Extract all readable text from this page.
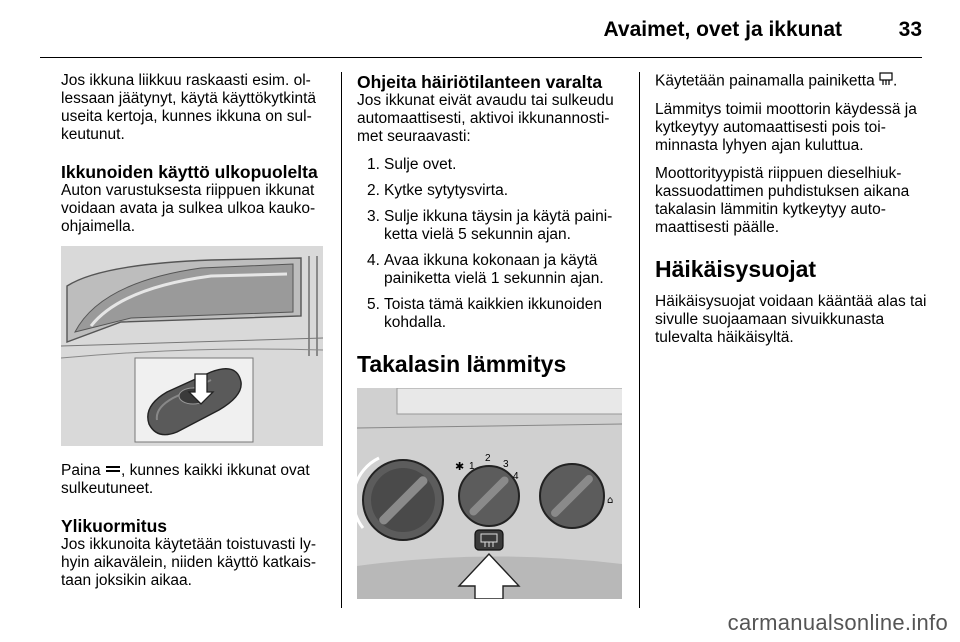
Avaimet, ovet ja ikkunat	33

Jos ikkuna liikkuu raskaasti esim. ollessaan jäätynyt, käytä käyttökytkintä useita kertoja, kunnes ikkuna on sulkeutunut.

Ikkunoiden käyttö ulkopuolelta

Auton varustuksesta riippuen ikkunat voidaan avata ja sulkea ulkoa kauko-ohjaimella.

Paina , kunnes kaikki ikkunat ovat sulkeutuneet.

Ylikuormitus

Jos ikkunoita käytetään toistuvasti lyhyin aikavälein, niiden käyttö katkaistaan joksikin aikaa.

Ohjeita häiriötilanteen varalta

Jos ikkunat eivät avaudu tai sulkeudu automaattisesti, aktivoi ikkunannostimet seuraavasti:

1. Sulje ovet.
2. Kytke sytytysvirta.
3. Sulje ikkuna täysin ja käytä painiketta vielä 5 sekunnin ajan.
4. Avaa ikkuna kokonaan ja käytä painiketta vielä 1 sekunnin ajan.
5. Toista tämä kaikkien ikkunoiden kohdalla.
Takalasin lämmitys
✱
⌂
1
2
3
4

Käytetään painamalla painiketta .

Lämmitys toimii moottorin käydessä ja kytkeytyy automaattisesti pois toiminnasta lyhyen ajan kuluttua.

Moottorityypistä riippuen dieselhiukkassuodattimen puhdistuksen aikana takalasin lämmitin kytkeytyy automaattisesti päälle.

Häikäisysuojat

Häikäisysuojat voidaan kääntää alas tai sivulle suojaamaan sivuikkunasta tulevalta häikäisyltä.

carmanualsonline.info
